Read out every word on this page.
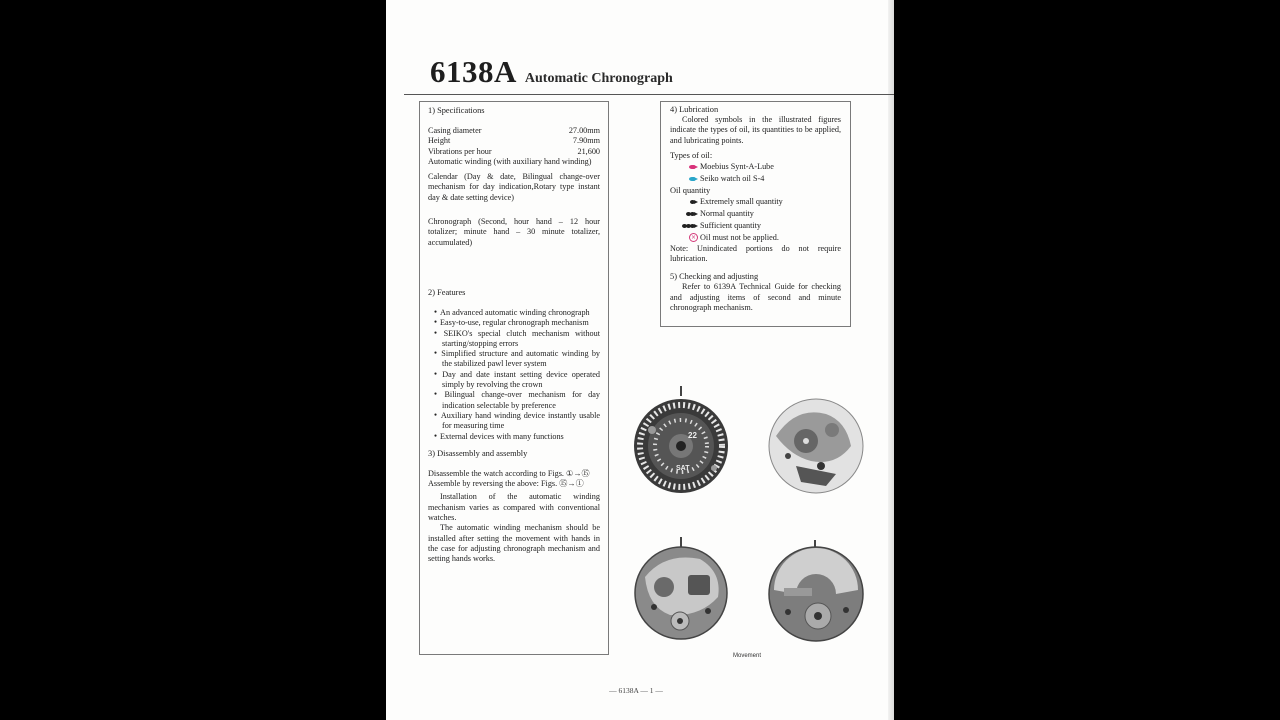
6138A Automatic Chronograph

1) Specifications

Casing diameter	27.00mm
Height	7.90mm
Vibrations per hour	21,600

Automatic winding (with auxiliary hand winding)

Calendar (Day & date, Bilingual change-over mechanism for day indication,Rotary type instant day & date setting device)

Chronograph (Second, hour hand – 12 hour totalizer; minute hand – 30 minute totalizer, accumulated)

2) Features

● An advanced automatic winding chronograph
● Easy-to-use, regular chronograph mechanism
● SEIKO's special clutch mechanism without starting/stopping errors
● Simplified structure and automatic winding by the stabilized pawl lever system
● Day and date instant setting device operated simply by revolving the crown
● Bilingual change-over mechanism for day indication selectable by preference
● Auxiliary hand winding device instantly usable for measuring time
● External devices with many functions

3) Disassembly and assembly

Disassemble the watch according to Figs. ①→⑮

Assemble by reversing the above: Figs. ⑮→①

Installation of the automatic winding mechanism varies as compared with conventional watches.

The automatic winding mechanism should be installed after setting the movement with hands in the case for adjusting chronograph mechanism and setting hands works.

4) Lubrication

Colored symbols in the illustrated figures indicate the types of oil, its quantities to be applied, and lubricating points.

Types of oil:

Moebius Synt-A-Lube
Seiko watch oil S-4

Oil quantity

Extremely small quantity
Normal quantity
Sufficient quantity
× Oil must not be applied.

Note: Unindicated portions do not require lubrication.

5) Checking and adjusting

Refer to 6139A Technical Guide for checking and adjusting items of second and minute chronograph mechanism.

22
SAT
Movement
— 6138A — 1 —
